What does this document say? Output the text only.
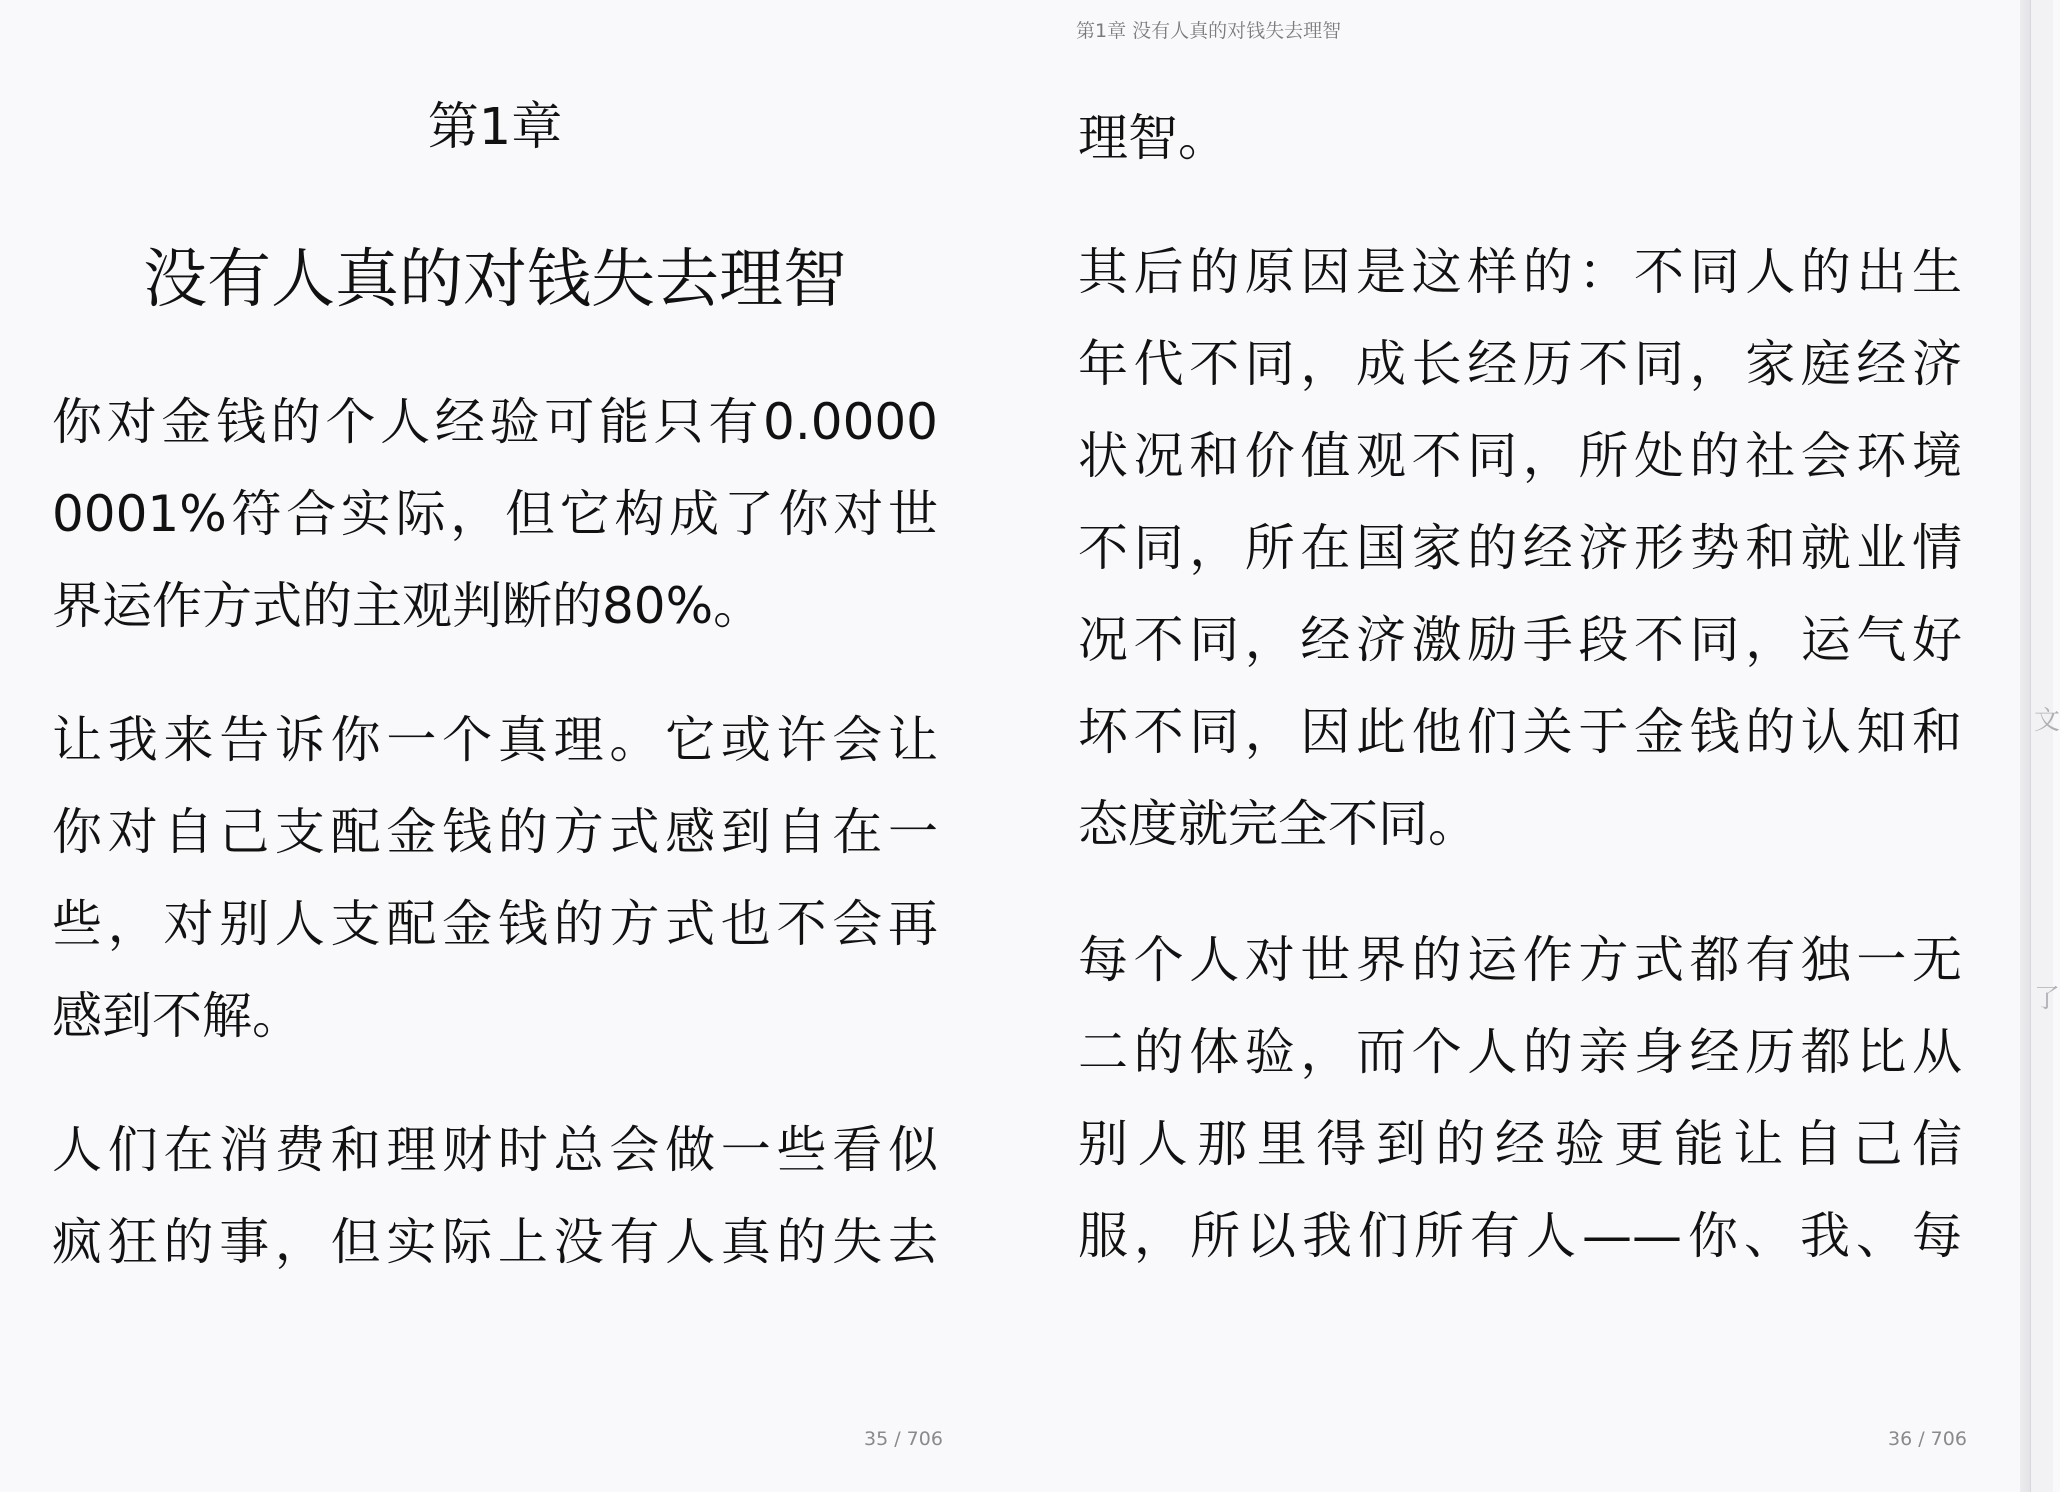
第1章 没有人真的对钱失去理智
第1章
没有人真的对钱失去理智

你对金钱的个人经验可能只有0.0000
0001%符合实际，但它构成了你对世
界运作方式的主观判断的80%。

让我来告诉你一个真理。它或许会让
你对自己支配金钱的方式感到自在一
些，对别人支配金钱的方式也不会再
感到不解。

人们在消费和理财时总会做一些看似
疯狂的事，但实际上没有人真的失去

35 / 706

理智。

其后的原因是这样的：不同人的出生
年代不同，成长经历不同，家庭经济
状况和价值观不同，所处的社会环境
不同，所在国家的经济形势和就业情
况不同，经济激励手段不同，运气好
坏不同，因此他们关于金钱的认知和
态度就完全不同。

每个人对世界的运作方式都有独一无
二的体验，而个人的亲身经历都比从
别人那里得到的经验更能让自己信
服，所以我们所有人——你、我、每

36 / 706
文
了
